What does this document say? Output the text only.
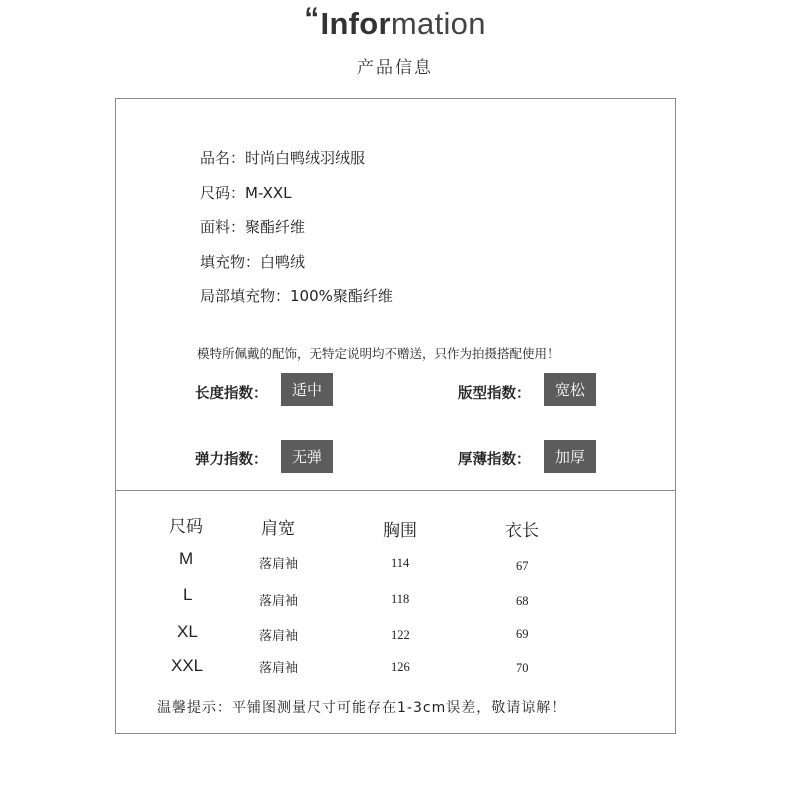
“Information
产品信息
品名：时尚白鸭绒羽绒服
尺码：M-XXL
面料：聚酯纤维
填充物：白鸭绒
局部填充物：100%聚酯纤维
模特所佩戴的配饰，无特定说明均不赠送，只作为拍摄搭配使用！
长度指数：	适中	版型指数：	宽松
弹力指数：	无弹	厚薄指数：	加厚
尺码	肩宽	胸围	衣长
M	落肩袖	114	67
L	落肩袖	118	68
XL	落肩袖	122	69
XXL	落肩袖	126	70
温馨提示：平铺图测量尺寸可能存在1-3cm误差，敬请谅解！
